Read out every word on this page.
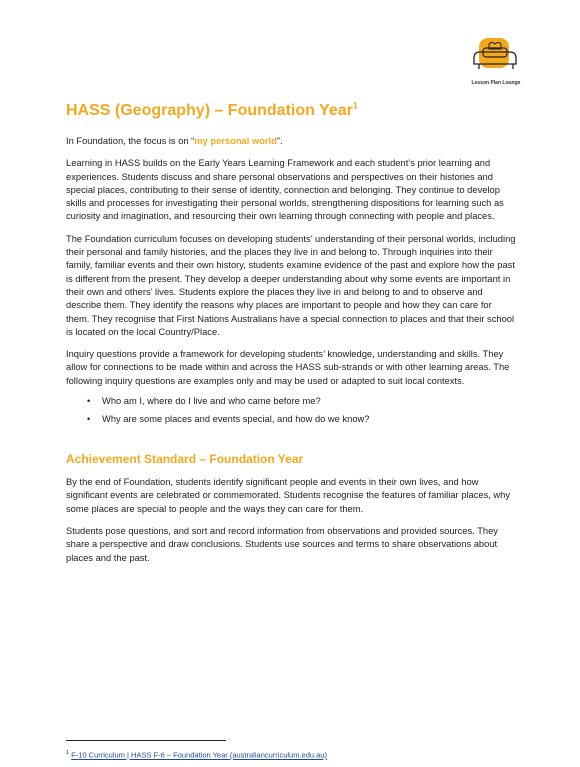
Lesson Plan Lounge
HASS (Geography) – Foundation Year$^1$

In Foundation, the focus is on “my personal world”.

Learning in HASS builds on the Early Years Learning Framework and each student’s prior learning and experiences. Students discuss and share personal observations and perspectives on their histories and special places, contributing to their sense of identity, connection and belonging. They continue to develop skills and processes for investigating their personal worlds, strengthening dispositions for learning such as curiosity and imagination, and resourcing their own learning through connecting with people and places.

The Foundation curriculum focuses on developing students’ understanding of their personal worlds, including their personal and family histories, and the places they live in and belong to. Through inquiries into their family, familiar events and their own history, students examine evidence of the past and explore how the past is different from the present. They develop a deeper understanding about why some events are important in their own and others’ lives. Students explore the places they live in and belong to and to observe and describe them. They identify the reasons why places are important to people and how they can care for them. They recognise that First Nations Australians have a special connection to places and that their school is located on the local Country/Place.

Inquiry questions provide a framework for developing students’ knowledge, understanding and skills. They allow for connections to be made within and across the HASS sub-strands or with other learning areas. The following inquiry questions are examples only and may be used or adapted to suit local contexts.

• Who am I, where do I live and who came before me?
• Why are some places and events special, and how do we know?
Achievement Standard – Foundation Year

By the end of Foundation, students identify significant people and events in their own lives, and how significant events are celebrated or commemorated. Students recognise the features of familiar places, why some places are special to people and the ways they can care for them.

Students pose questions, and sort and record information from observations and provided sources. They share a perspective and draw conclusions. Students use sources and terms to share observations about places and the past.

$^1$ F-10 Curriculum | HASS F-6 – Foundation Year (australiancurriculum.edu.au)
